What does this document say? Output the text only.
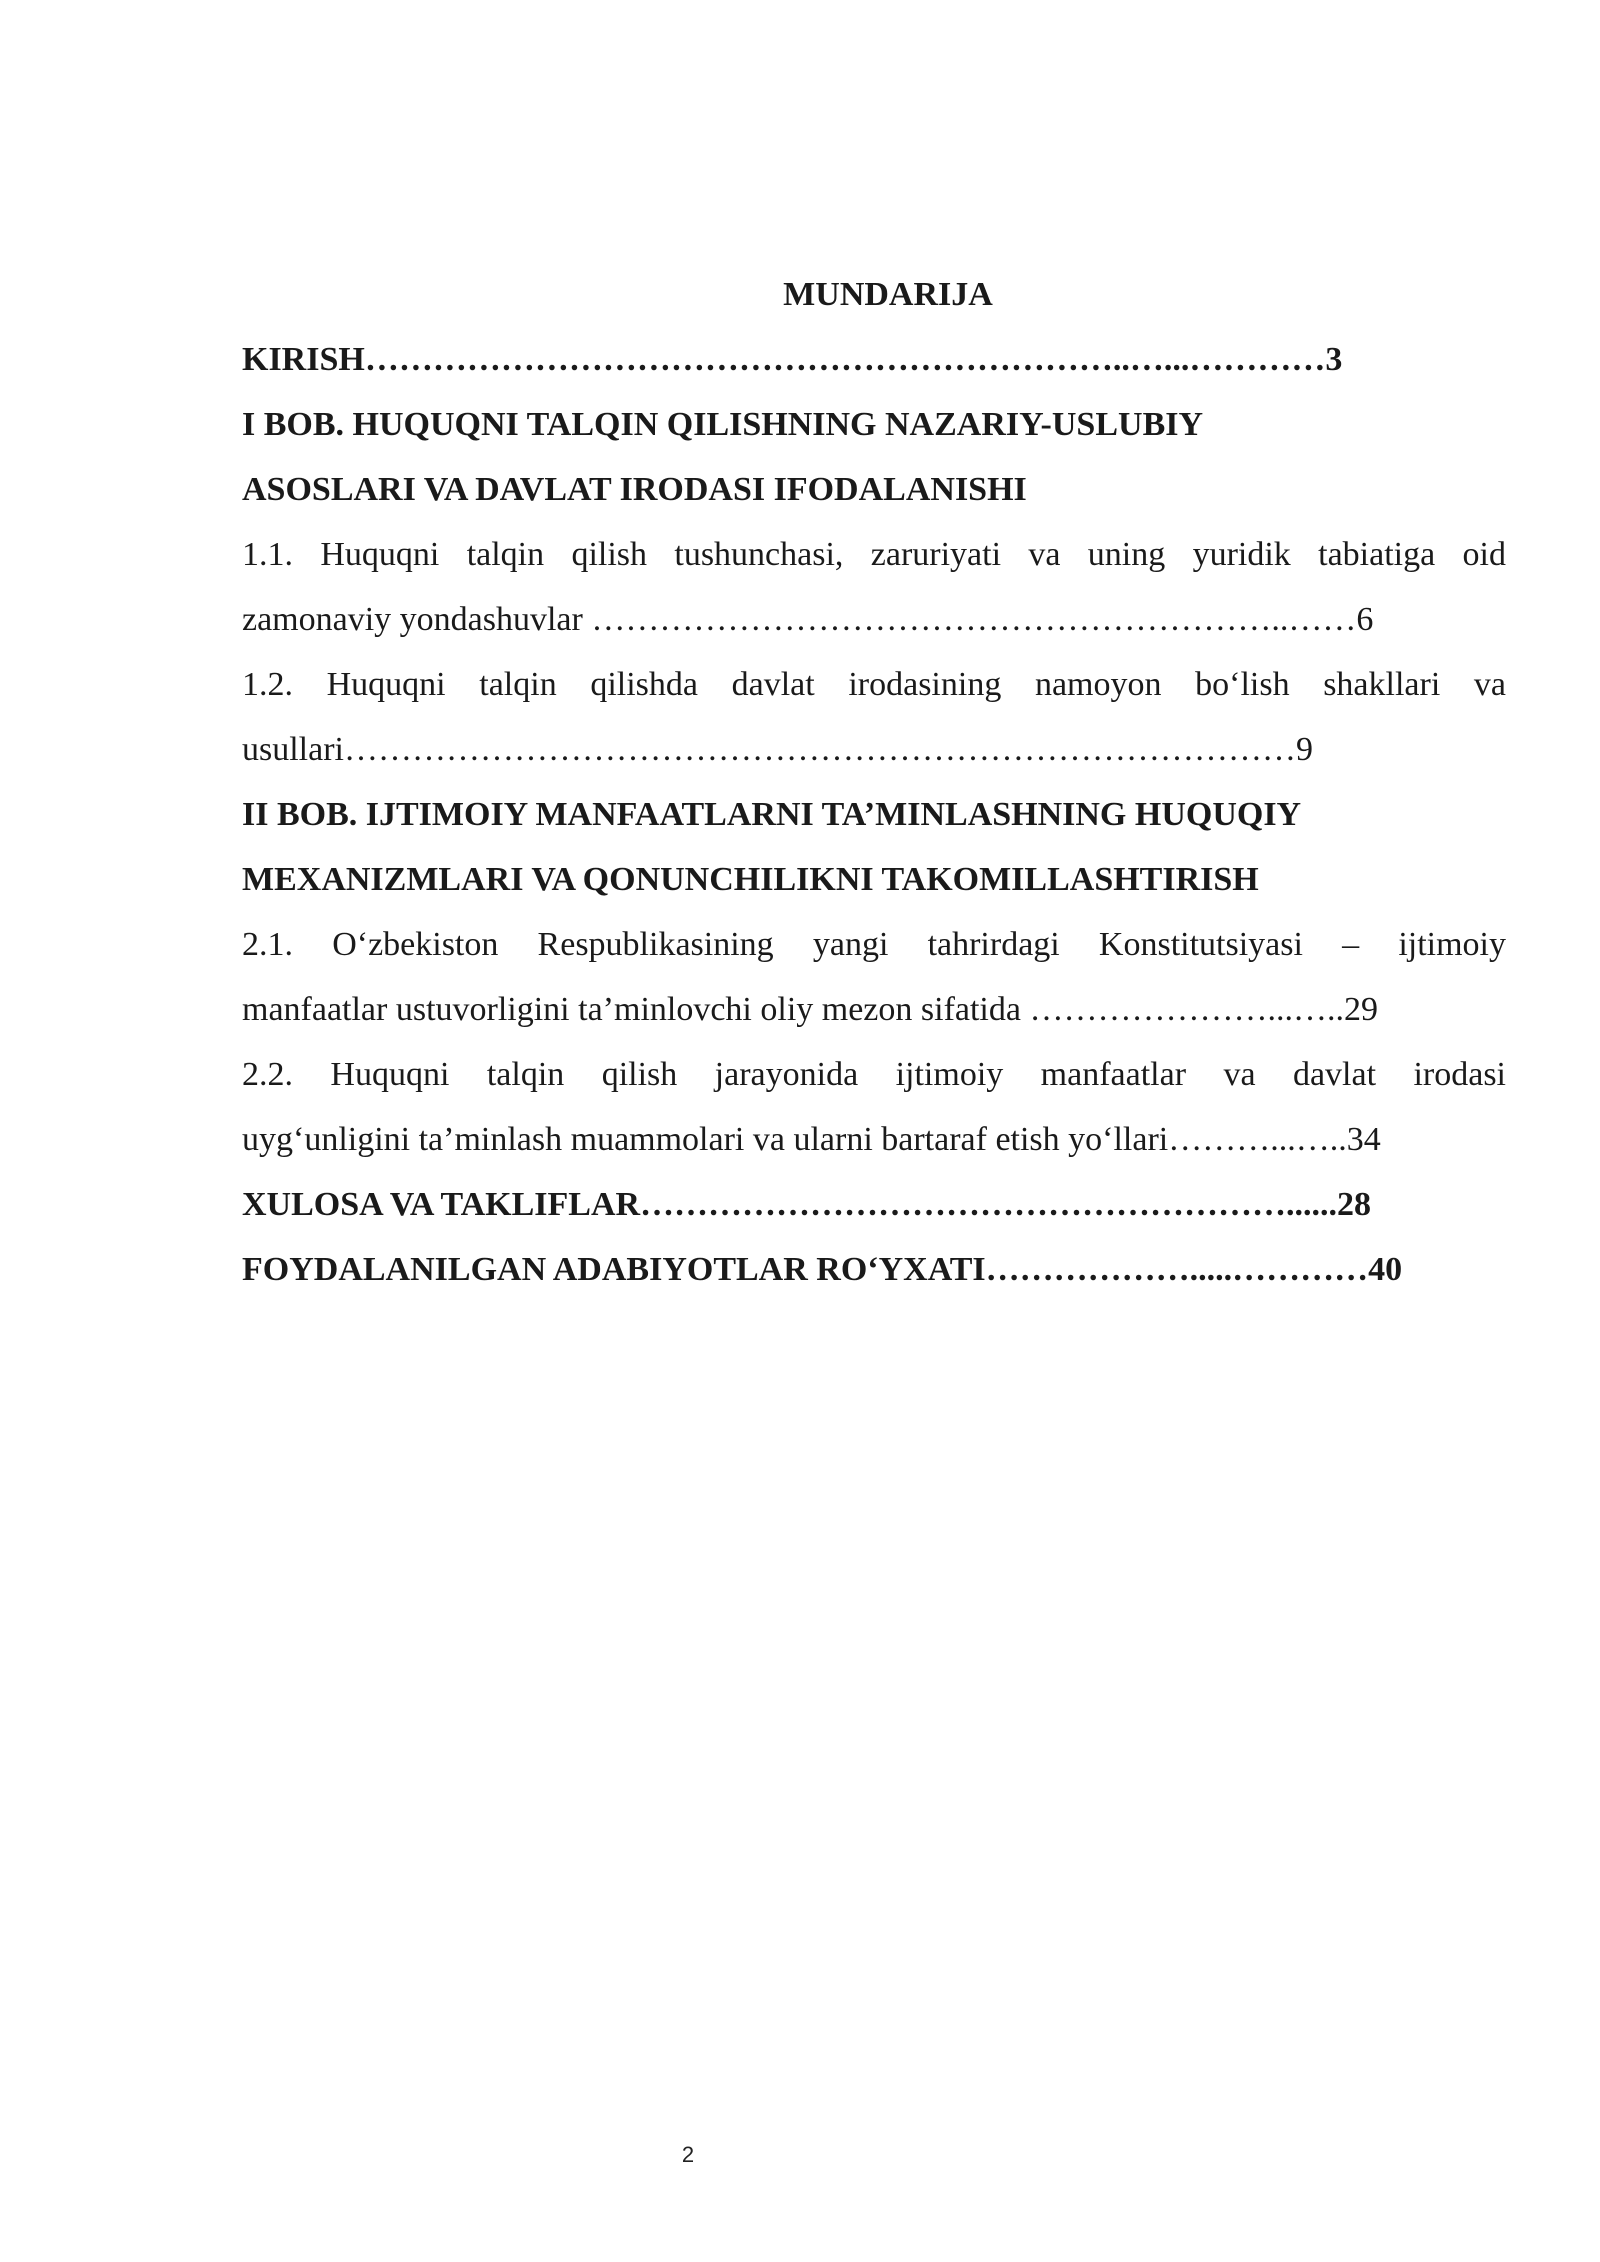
MUNDARIJA
KIRISH…………………………………………………………..…...…………3
I BOB. HUQUQNI TALQIN QILISHNING NAZARIY-USLUBIY
ASOSLARI VA DAVLAT IRODASI IFODALANISHI
1.1. Huquqni talqin qilish tushunchasi, zaruriyati va uning yuridik tabiatiga oid
zamonaviy yondashuvlar ……………………………………………………..……6
1.2. Huquqni talqin qilishda davlat irodasining namoyon bo‘lish shakllari va
usullari…………………………………………………………………………9
II BOB. IJTIMOIY MANFAATLARNI TA’MINLASHNING HUQUQIY
MEXANIZMLARI VA QONUNCHILIKNI TAKOMILLASHTIRISH
2.1. O‘zbekiston Respublikasining yangi tahrirdagi Konstitutsiyasi – ijtimoiy
manfaatlar ustuvorligini ta’minlovchi oliy mezon sifatida …………………...…..29
2.2. Huquqni talqin qilish jarayonida ijtimoiy manfaatlar va davlat irodasi
uyg‘unligini ta’minlash muammolari va ularni bartaraf etish yo‘llari………...…..34
XULOSA VA TAKLIFLAR…………………………………………………......28
FOYDALANILGAN ADABIYOTLAR RO‘YXATI……………….....…………40
2
